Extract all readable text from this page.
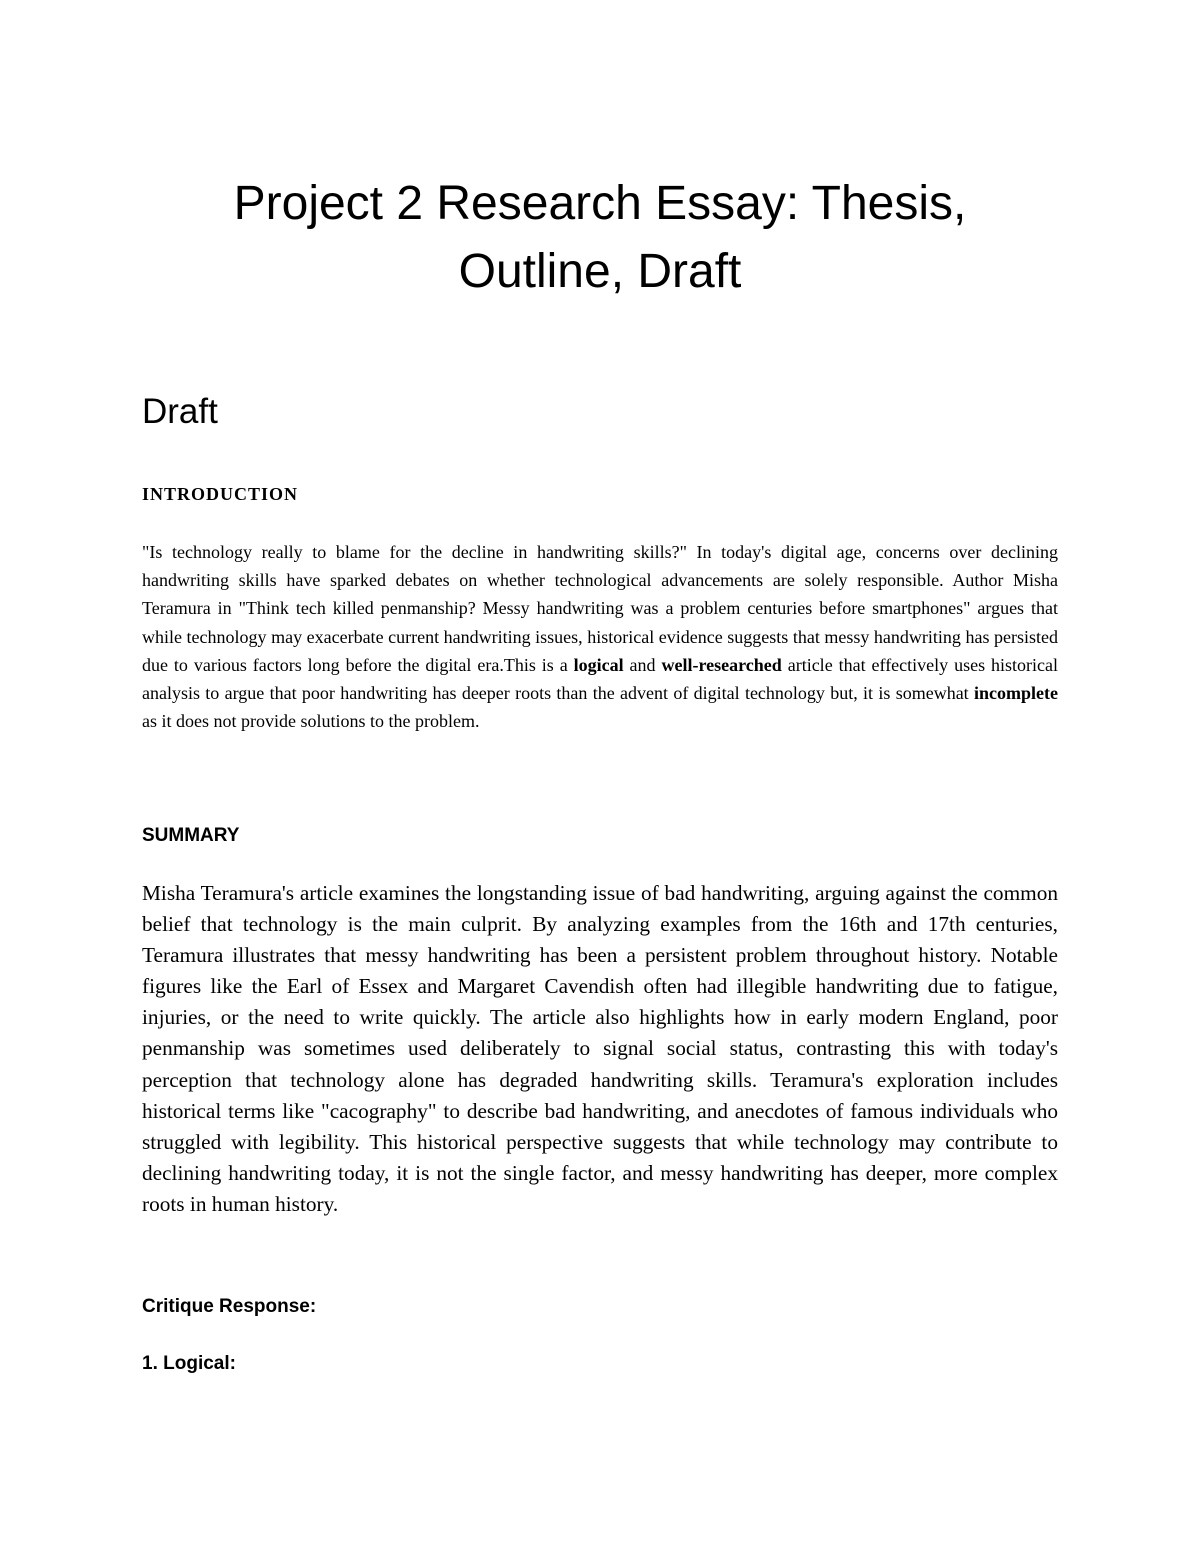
Project 2 Research Essay: Thesis,
Outline, Draft
Draft
INTRODUCTION

"Is technology really to blame for the decline in handwriting skills?" In today's digital age, concerns over declining handwriting skills have sparked debates on whether technological advancements are solely responsible. Author Misha Teramura in "Think tech killed penmanship? Messy handwriting was a problem centuries before smartphones" argues that while technology may exacerbate current handwriting issues, historical evidence suggests that messy handwriting has persisted due to various factors long before the digital era.This is a logical and well-researched article that effectively uses historical analysis to argue that poor handwriting has deeper roots than the advent of digital technology but, it is somewhat incomplete as it does not provide solutions to the problem.

SUMMARY

Misha Teramura's article examines the longstanding issue of bad handwriting, arguing against the common belief that technology is the main culprit. By analyzing examples from the 16th and 17th centuries, Teramura illustrates that messy handwriting has been a persistent problem throughout history. Notable figures like the Earl of Essex and Margaret Cavendish often had illegible handwriting due to fatigue, injuries, or the need to write quickly. The article also highlights how in early modern England, poor penmanship was sometimes used deliberately to signal social status, contrasting this with today's perception that technology alone has degraded handwriting skills. Teramura's exploration includes historical terms like "cacography" to describe bad handwriting, and anecdotes of famous individuals who struggled with legibility. This historical perspective suggests that while technology may contribute to declining handwriting today, it is not the single factor, and messy handwriting has deeper, more complex roots in human history.

Critique Response:
1. Logical:
